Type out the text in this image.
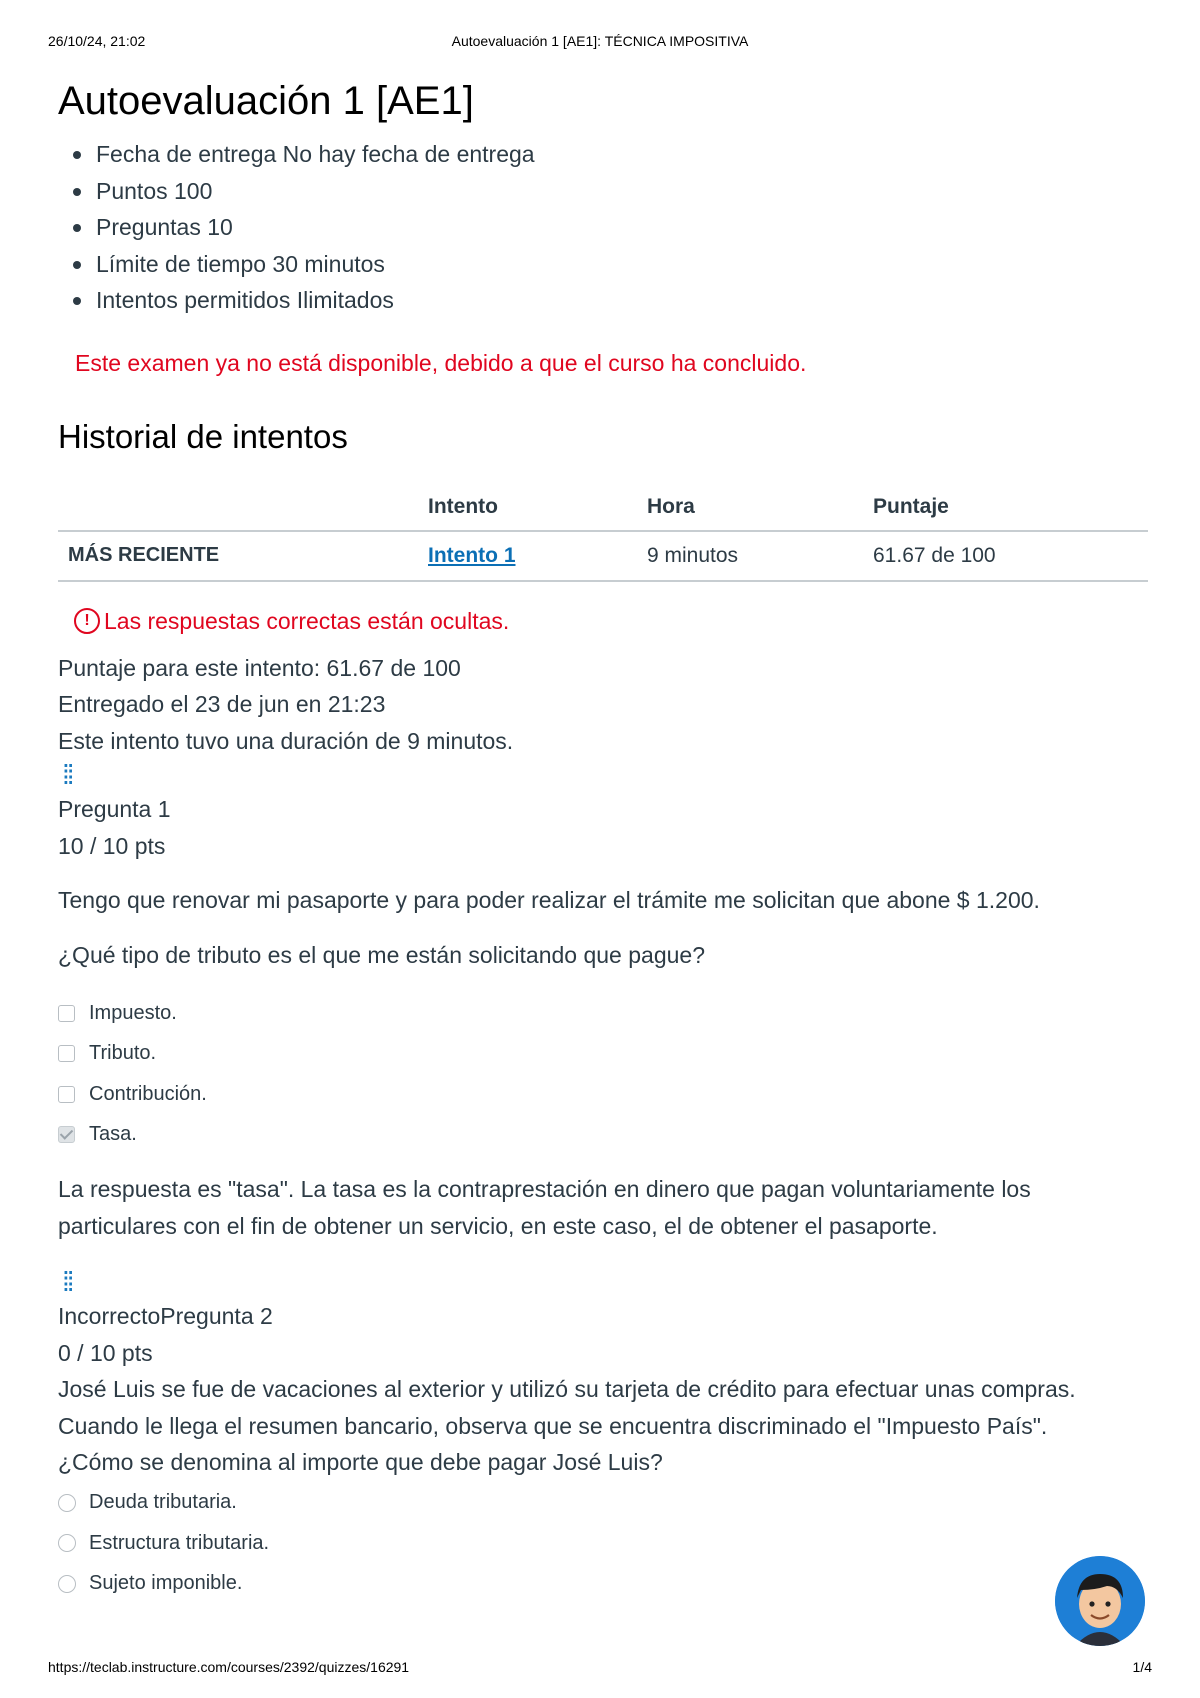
26/10/24, 21:02	Autoevaluación 1 [AE1]: TÉCNICA IMPOSITIVA
Autoevaluación 1 [AE1]
Fecha de entrega No hay fecha de entrega
Puntos 100
Preguntas 10
Límite de tiempo 30 minutos
Intentos permitidos Ilimitados
Este examen ya no está disponible, debido a que el curso ha concluido.
Historial de intentos
	Intento	Hora	Puntaje
MÁS RECIENTE	Intento 1	9 minutos	61.67 de 100
! Las respuestas correctas están ocultas.
Puntaje para este intento: 61.67 de 100
Entregado el 23 de jun en 21:23
Este intento tuvo una duración de 9 minutos.
⁞⁞
Pregunta 1
10 / 10 pts
Tengo que renovar mi pasaporte y para poder realizar el trámite me solicitan que abone $ 1.200.
¿Qué tipo de tributo es el que me están solicitando que pague?
Impuesto.
Tributo.
Contribución.
Tasa.
La respuesta es "tasa". La tasa es la contraprestación en dinero que pagan voluntariamente los
particulares con el fin de obtener un servicio, en este caso, el de obtener el pasaporte.
⁞⁞
IncorrectoPregunta 2
0 / 10 pts
José Luis se fue de vacaciones al exterior y utilizó su tarjeta de crédito para efectuar unas compras.
Cuando le llega el resumen bancario, observa que se encuentra discriminado el "Impuesto País".
¿Cómo se denomina al importe que debe pagar José Luis?
Deuda tributaria.
Estructura tributaria.
Sujeto imponible.
https://teclab.instructure.com/courses/2392/quizzes/16291	1/4
